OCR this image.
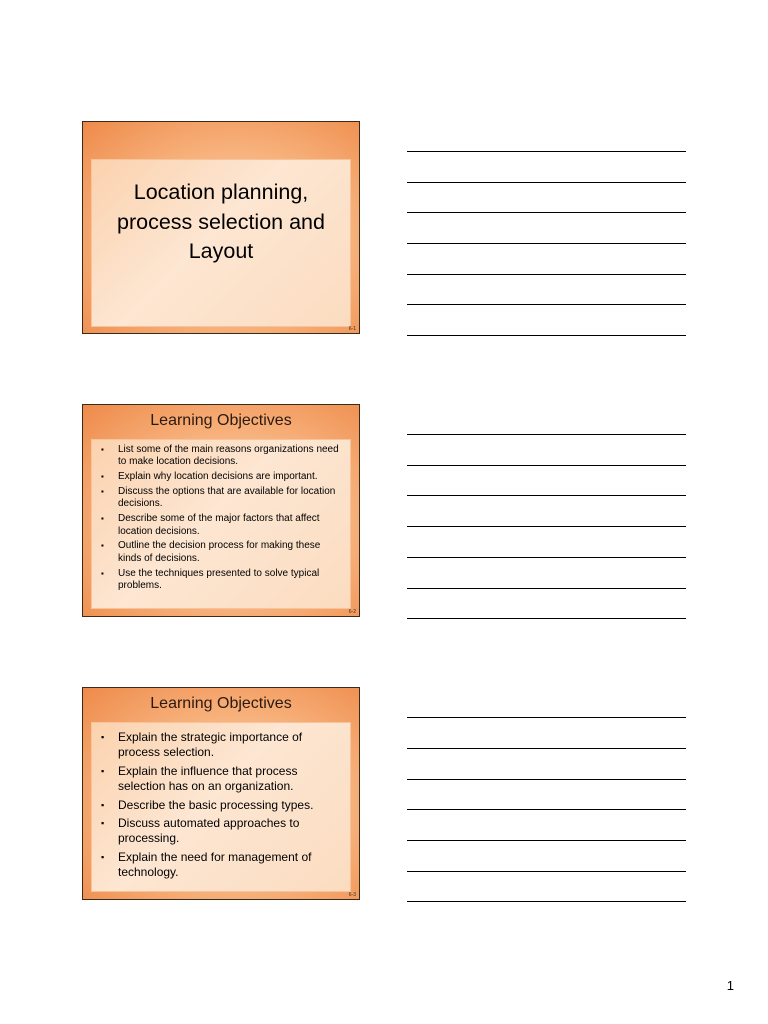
Location planning, process selection and Layout
6-1
Learning Objectives
▪ List some of the main reasons organizations need to make location decisions.
▪ Explain why location decisions are important.
▪ Discuss the options that are available for location decisions.
▪ Describe some of the major factors that affect location decisions.
▪ Outline the decision process for making these kinds of decisions.
▪ Use the techniques presented to solve typical problems.
6-2
Learning Objectives
▪ Explain the strategic importance of process selection.
▪ Explain the influence that process selection has on an organization.
▪ Describe the basic processing types.
▪ Discuss automated approaches to processing.
▪ Explain the need for management of technology.
6-3
1
